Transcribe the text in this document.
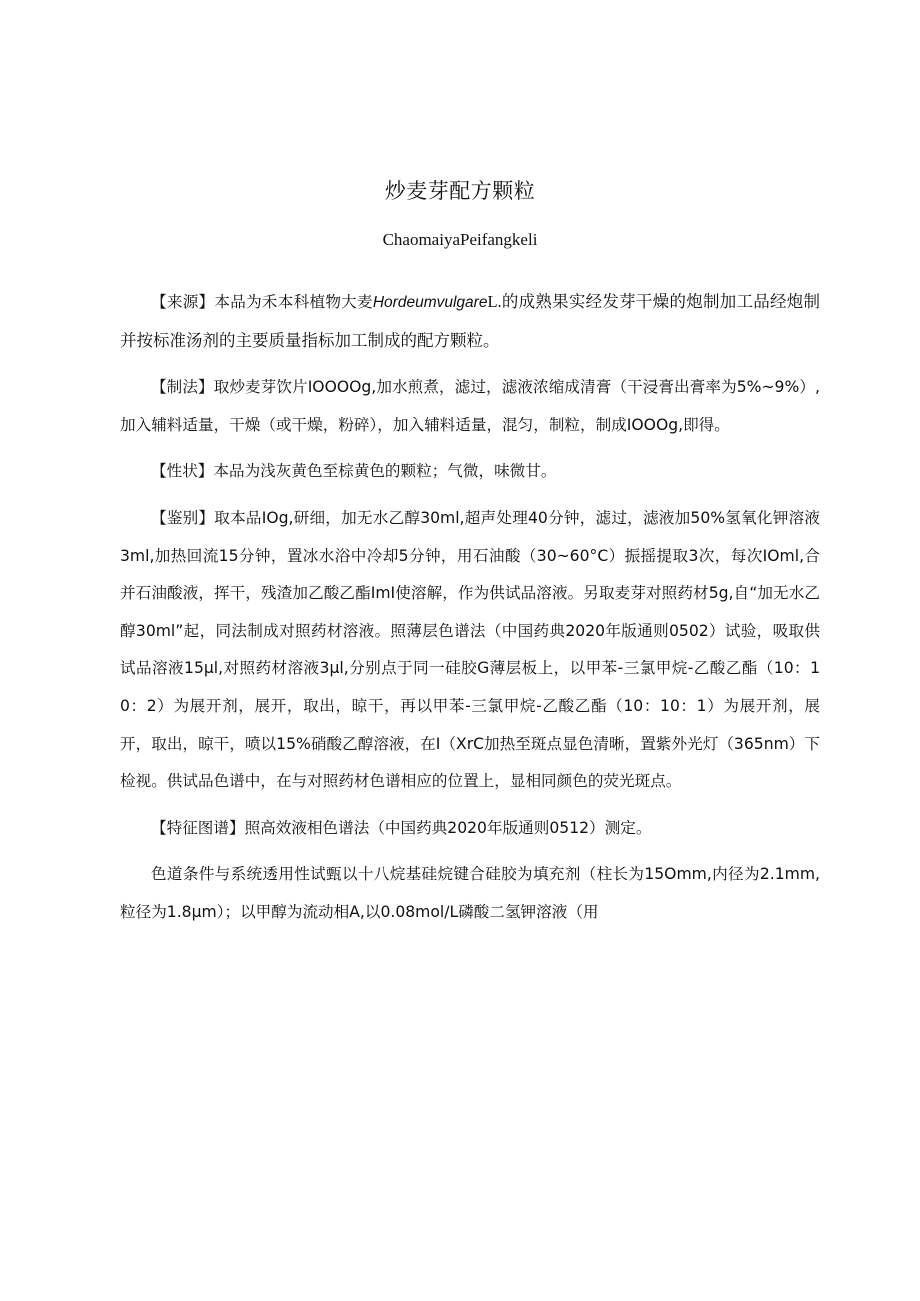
炒麦芽配方颗粒
ChaomaiyaPeifangkeli

【来源】本品为禾本科植物大麦HordeumvulgareL.的成熟果实经发芽干燥的炮制加工品经炮制并按标准汤剂的主要质量指标加工制成的配方颗粒。

【制法】取炒麦芽饮片IOOOOg,加水煎煮，滤过，滤液浓缩成清膏（干浸膏出膏率为5%~9%）,加入辅料适量，干燥（或干燥，粉碎），加入辅料适量，混匀，制粒，制成IOOOg,即得。

【性状】本品为浅灰黄色至棕黄色的颗粒；气微，味微甘。

【鉴别】取本品IOg,研细，加无水乙醇30ml,超声处理40分钟，滤过，滤液加50%氢氧化钾溶液3ml,加热回流15分钟，置冰水浴中冷却5分钟，用石油酸（30~60°C）振摇提取3次，每次IOml,合并石油酸液，挥干，残渣加乙酸乙酯ImI使溶解，作为供试品溶液。另取麦芽对照药材5g,自“加无水乙醇30ml”起，同法制成对照药材溶液。照薄层色谱法（中国药典2020年版通则0502）试验，吸取供试品溶液15μl,对照药材溶液3μl,分别点于同一硅胶G薄层板上，以甲苯-三氯甲烷-乙酸乙酯（10：10：2）为展开剂，展开，取出，晾干，再以甲苯-三氯甲烷-乙酸乙酯（10：10：1）为展开剂，展开，取出，晾干，喷以15%硝酸乙醇溶液，在I（XrC加热至斑点显色清晰，置紫外光灯（365nm）下检视。供试品色谱中，在与对照药材色谱相应的位置上，显相同颜色的荧光斑点。

【特征图谱】照高效液相色谱法（中国药典2020年版通则0512）测定。

色道条件与系统透用性试甄以十八烷基硅烷键合硅胶为填充剂（柱长为15Omm,内径为2.1mm,粒径为1.8μm）；以甲醇为流动相A,以0.08mol∕L磷酸二氢钾溶液（用
